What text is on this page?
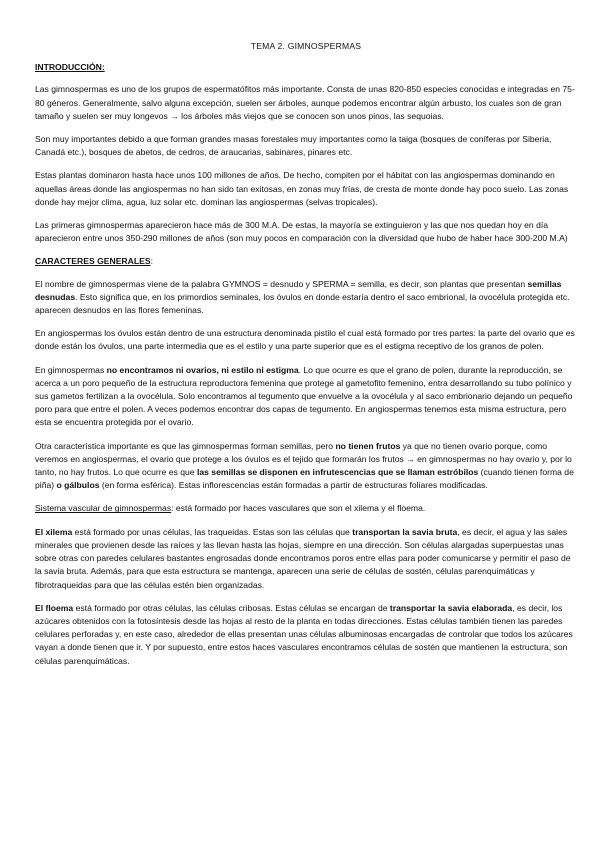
TEMA 2. GIMNOSPERMAS
INTRODUCCIÓN:

Las gimnospermas es uno de los grupos de espermatófitos más importante. Consta de unas 820-850 especies conocidas e integradas en 75-80 géneros. Generalmente, salvo alguna excepción, suelen ser árboles, aunque podemos encontrar algún arbusto, los cuales son de gran tamaño y suelen ser muy longevos → los árboles más viejos que se conocen son unos pinos, las sequoias.

Son muy importantes debido a que forman grandes masas forestales muy importantes como la taiga (bosques de coníferas por Siberia, Canadá etc.), bosques de abetos, de cedros, de araucarias, sabinares, pinares etc.

Estas plantas dominaron hasta hace unos 100 millones de años. De hecho, compiten por el hábitat con las angiospermas dominando en aquellas áreas donde las angiospermas no han sido tan exitosas, en zonas muy frías, de cresta de monte donde hay poco suelo. Las zonas donde hay mejor clima, agua, luz solar etc. dominan las angiospermas (selvas tropicales).

Las primeras gimnospermas aparecieron hace más de 300 M.A. De estas, la mayoría se extinguieron y las que nos quedan hoy en día aparecieron entre unos 350-290 millones de años (son muy pocos en comparación con la diversidad que hubo de haber hace 300-200 M.A)

CARACTERES GENERALES:

El nombre de gimnospermas viene de la palabra GYMNOS = desnudo y SPERMA = semilla, es decir, son plantas que presentan semillas desnudas. Esto significa que, en los primordios seminales, los óvulos en donde estaría dentro el saco embrional, la ovocélula protegida etc. aparecen desnudos en las flores femeninas.

En angiospermas los óvulos están dentro de una estructura denominada pistilo el cual está formado por tres partes: la parte del ovario que es donde están los óvulos, una parte intermedia que es el estilo y una parte superior que es el estigma receptivo de los granos de polen.

En gimnospermas no encontramos ni ovarios, ni estilo ni estigma. Lo que ocurre es que el grano de polen, durante la reproducción, se acerca a un poro pequeño de la estructura reproductora femenina que protege al gametofito femenino, entra desarrollando su tubo polínico y sus gametos fertilizan a la ovocélula. Solo encontramos al tegumento que envuelve a la ovocélula y al saco embrionario dejando un pequeño poro para que entre el polen. A veces podemos encontrar dos capas de tegumento. En angiospermas tenemos esta misma estructura, pero esta se encuentra protegida por el ovario.

Otra característica importante es que las gimnospermas forman semillas, pero no tienen frutos ya que no tienen ovario porque, como veremos en angiospermas, el ovario que protege a los óvulos es el tejido que formarán los frutos → en gimnospermas no hay ovario y, por lo tanto, no hay frutos. Lo que ocurre es que las semillas se disponen en infrutescencias que se llaman estróbilos (cuando tienen forma de piña) o gálbulos (en forma esférica). Estas inflorescencias están formadas a partir de estructuras foliares modificadas.

Sistema vascular de gimnospermas: está formado por haces vasculares que son el xilema y el floema.

El xilema está formado por unas células, las traqueidas. Estas son las células que transportan la savia bruta, es decir, el agua y las sales minerales que provienen desde las raíces y las llevan hasta las hojas, siempre en una dirección. Son células alargadas superpuestas unas sobre otras con paredes celulares bastantes engrosadas donde encontramos poros entre ellas para poder comunicarse y permitir el paso de la savia bruta. Además, para que esta estructura se mantenga, aparecen una serie de células de sostén, células parenquimáticas y fibrotraqueidas para que las células estén bien organizadas.

El floema está formado por otras células, las células cribosas. Estas células se encargan de transportar la savia elaborada, es decir, los azúcares obtenidos con la fotosíntesis desde las hojas al resto de la planta en todas direcciones. Estas células también tienen las paredes celulares perforadas y, en este caso, alrededor de ellas presentan unas células albuminosas encargadas de controlar que todos los azúcares vayan a donde tienen que ir. Y por supuesto, entre estos haces vasculares encontramos células de sostén que mantienen la estructura, son células parenquimáticas.
